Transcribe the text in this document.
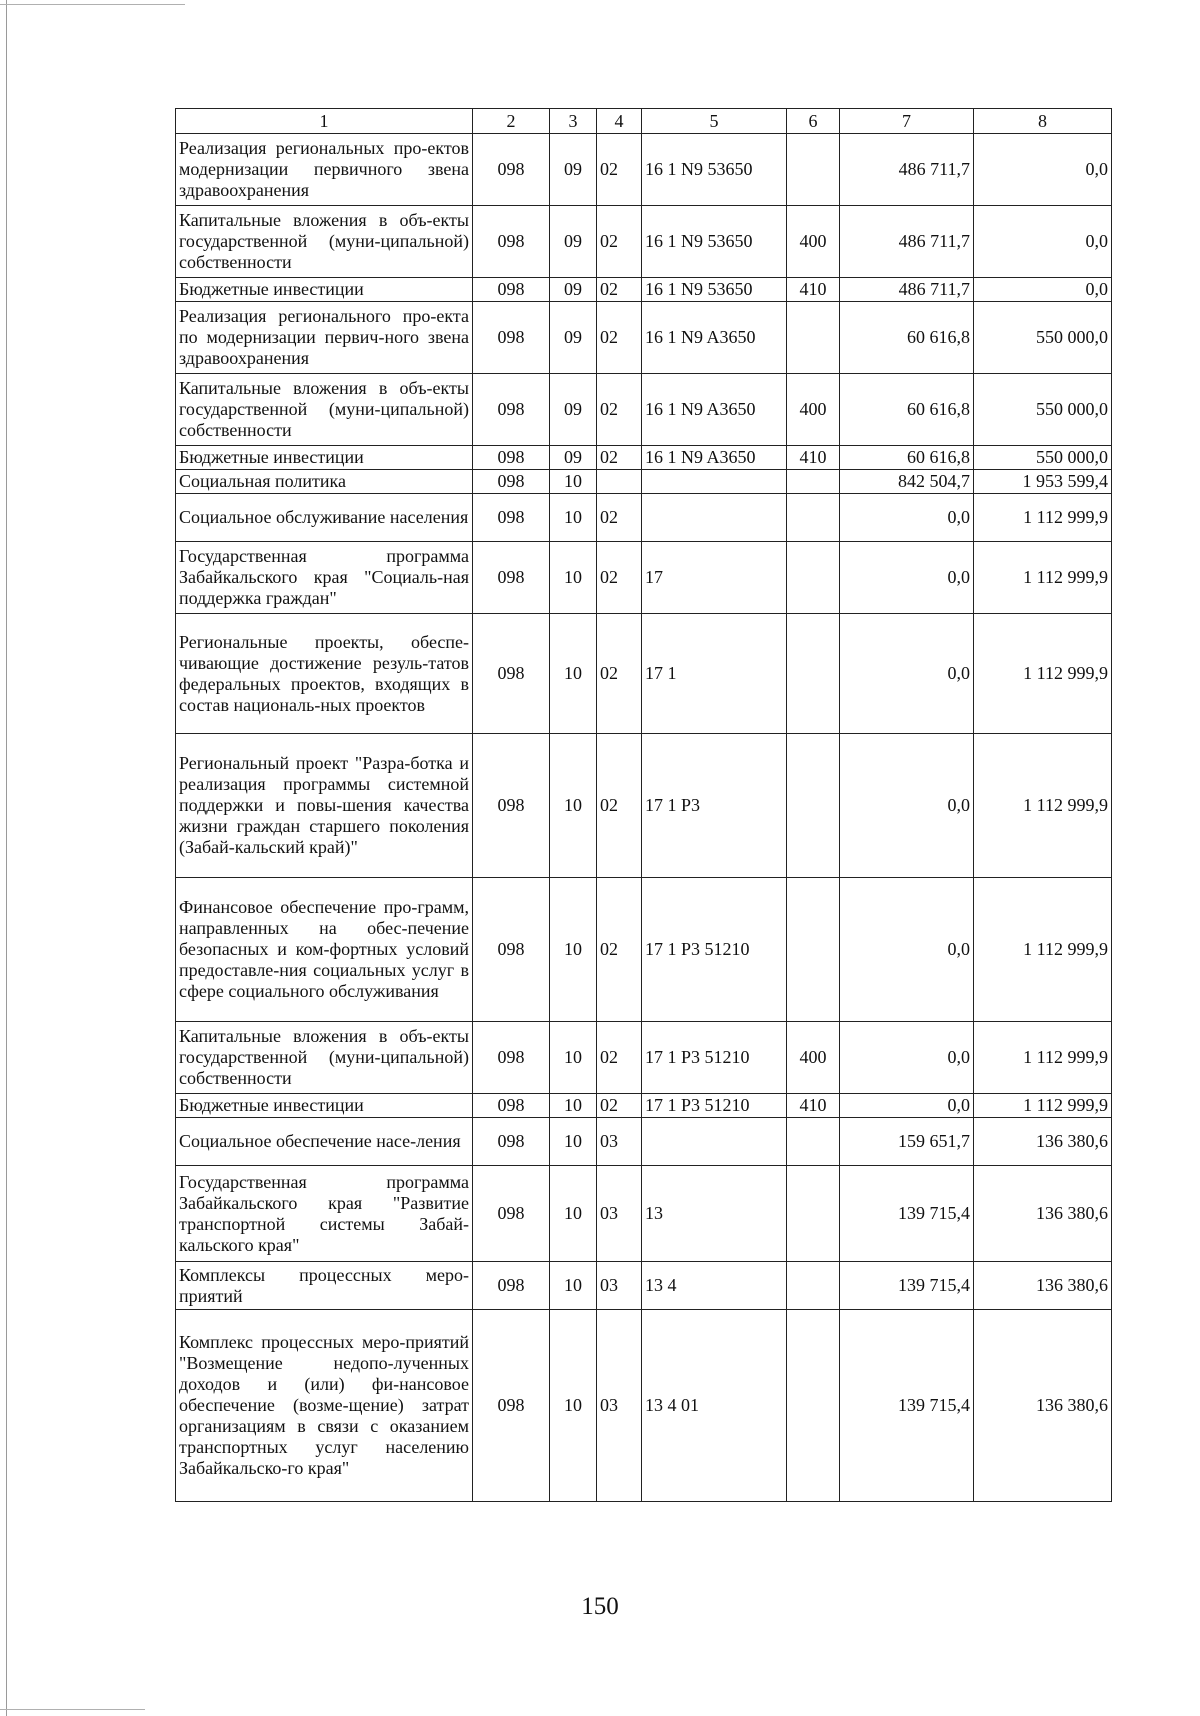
1	2	3	4	5	6	7	8
Реализация региональных про-ектов модернизации первичного звена здравоохранения	098	09	02	16 1 N9 53650		486 711,7	0,0
Капитальные вложения в объ-екты государственной (муни-ципальной) собственности	098	09	02	16 1 N9 53650	400	486 711,7	0,0
Бюджетные инвестиции	098	09	02	16 1 N9 53650	410	486 711,7	0,0
Реализация регионального про-екта по модернизации первич-ного звена здравоохранения	098	09	02	16 1 N9 A3650		60 616,8	550 000,0
Капитальные вложения в объ-екты государственной (муни-ципальной) собственности	098	09	02	16 1 N9 A3650	400	60 616,8	550 000,0
Бюджетные инвестиции	098	09	02	16 1 N9 A3650	410	60 616,8	550 000,0
Социальная политика	098	10				842 504,7	1 953 599,4
Социальное обслуживание населения	098	10	02			0,0	1 112 999,9
Государственная программа Забайкальского края "Социаль-ная поддержка граждан"	098	10	02	17		0,0	1 112 999,9
Региональные проекты, обеспе-чивающие достижение резуль-татов федеральных проектов, входящих в состав националь-ных проектов	098	10	02	17 1		0,0	1 112 999,9
Региональный проект "Разра-ботка и реализация программы системной поддержки и повы-шения качества жизни граждан старшего поколения (Забай-кальский край)"	098	10	02	17 1 P3		0,0	1 112 999,9
Финансовое обеспечение про-грамм, направленных на обес-печение безопасных и ком-фортных условий предоставле-ния социальных услуг в сфере социального обслуживания	098	10	02	17 1 P3 51210		0,0	1 112 999,9
Капитальные вложения в объ-екты государственной (муни-ципальной) собственности	098	10	02	17 1 P3 51210	400	0,0	1 112 999,9
Бюджетные инвестиции	098	10	02	17 1 P3 51210	410	0,0	1 112 999,9
Социальное обеспечение насе-ления	098	10	03			159 651,7	136 380,6
Государственная программа Забайкальского края "Развитие транспортной системы Забай-кальского края"	098	10	03	13		139 715,4	136 380,6
Комплексы процессных меро-приятий	098	10	03	13 4		139 715,4	136 380,6
Комплекс процессных меро-приятий "Возмещение недопо-лученных доходов и (или) фи-нансовое обеспечение (возме-щение) затрат организациям в связи с оказанием транспортных услуг населению Забайкальско-го края"	098	10	03	13 4 01		139 715,4	136 380,6
150
